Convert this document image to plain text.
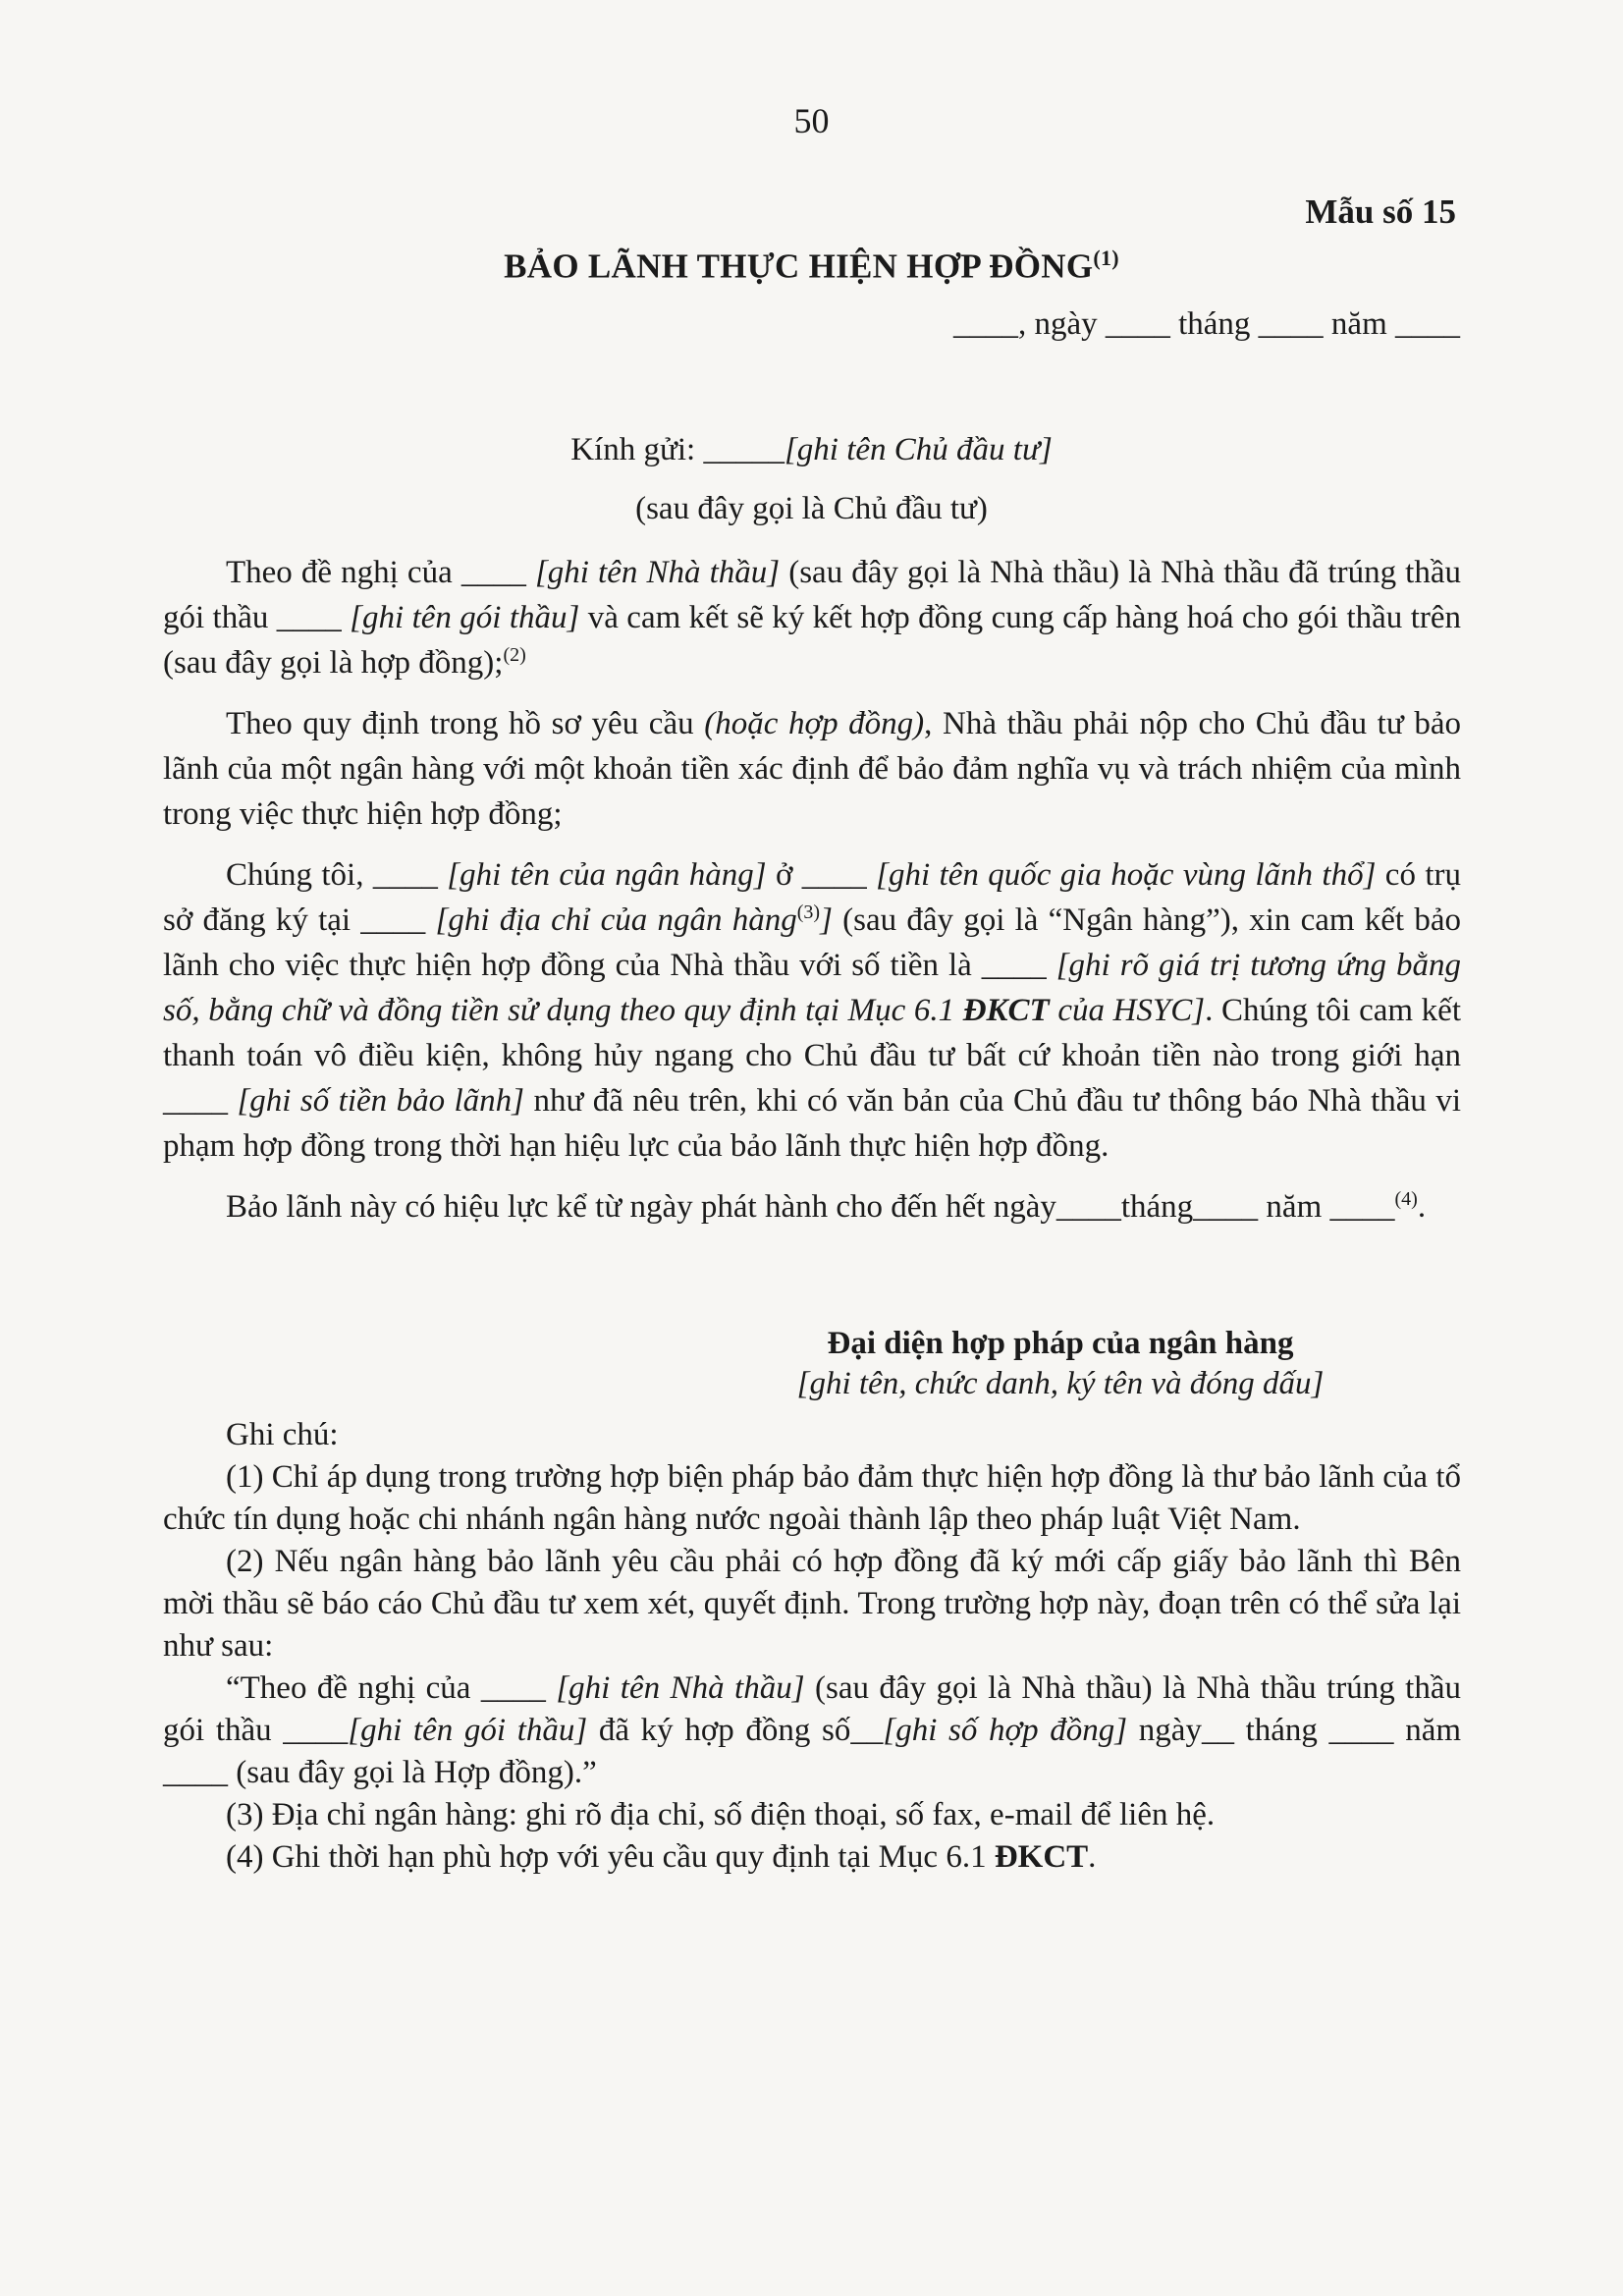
50
Mẫu số 15
BẢO LÃNH THỰC HIỆN HỢP ĐỒNG$^{(1)}$
____, ngày ____ tháng ____ năm ____
Kính gửi: _____[ghi tên Chủ đầu tư]
(sau đây gọi là Chủ đầu tư)

Theo đề nghị của ____ [ghi tên Nhà thầu] (sau đây gọi là Nhà thầu) là Nhà thầu đã trúng thầu gói thầu ____ [ghi tên gói thầu] và cam kết sẽ ký kết hợp đồng cung cấp hàng hoá cho gói thầu trên (sau đây gọi là hợp đồng);$^{(2)}$

Theo quy định trong hồ sơ yêu cầu (hoặc hợp đồng), Nhà thầu phải nộp cho Chủ đầu tư bảo lãnh của một ngân hàng với một khoản tiền xác định để bảo đảm nghĩa vụ và trách nhiệm của mình trong việc thực hiện hợp đồng;

Chúng tôi, ____ [ghi tên của ngân hàng] ở ____ [ghi tên quốc gia hoặc vùng lãnh thổ] có trụ sở đăng ký tại ____ [ghi địa chỉ của ngân hàng$^{(3)}$] (sau đây gọi là “Ngân hàng”), xin cam kết bảo lãnh cho việc thực hiện hợp đồng của Nhà thầu với số tiền là ____ [ghi rõ giá trị tương ứng bằng số, bằng chữ và đồng tiền sử dụng theo quy định tại Mục 6.1 ĐKCT của HSYC]. Chúng tôi cam kết thanh toán vô điều kiện, không hủy ngang cho Chủ đầu tư bất cứ khoản tiền nào trong giới hạn ____ [ghi số tiền bảo lãnh] như đã nêu trên, khi có văn bản của Chủ đầu tư thông báo Nhà thầu vi phạm hợp đồng trong thời hạn hiệu lực của bảo lãnh thực hiện hợp đồng.

Bảo lãnh này có hiệu lực kể từ ngày phát hành cho đến hết ngày____tháng____ năm ____$^{(4)}$.

Đại diện hợp pháp của ngân hàng
[ghi tên, chức danh, ký tên và đóng dấu]

Ghi chú:

(1) Chỉ áp dụng trong trường hợp biện pháp bảo đảm thực hiện hợp đồng là thư bảo lãnh của tổ chức tín dụng hoặc chi nhánh ngân hàng nước ngoài thành lập theo pháp luật Việt Nam.

(2) Nếu ngân hàng bảo lãnh yêu cầu phải có hợp đồng đã ký mới cấp giấy bảo lãnh thì Bên mời thầu sẽ báo cáo Chủ đầu tư xem xét, quyết định. Trong trường hợp này, đoạn trên có thể sửa lại như sau:

“Theo đề nghị của ____ [ghi tên Nhà thầu] (sau đây gọi là Nhà thầu) là Nhà thầu trúng thầu gói thầu ____[ghi tên gói thầu] đã ký hợp đồng số__[ghi số hợp đồng] ngày__ tháng ____ năm ____ (sau đây gọi là Hợp đồng).”

(3) Địa chỉ ngân hàng: ghi rõ địa chỉ, số điện thoại, số fax, e-mail để liên hệ.

(4) Ghi thời hạn phù hợp với yêu cầu quy định tại Mục 6.1 ĐKCT.
